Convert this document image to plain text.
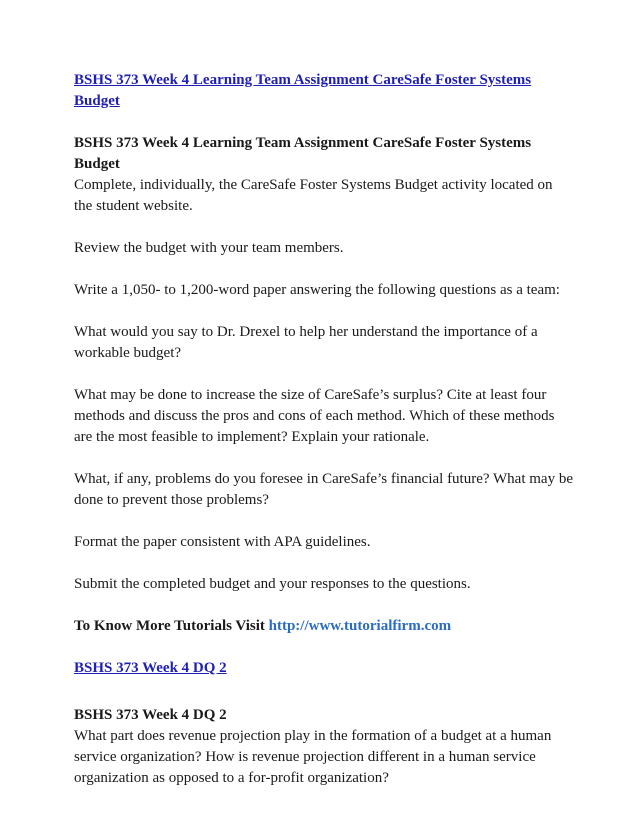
BSHS 373 Week 4 Learning Team Assignment CareSafe Foster Systems Budget

BSHS 373 Week 4 Learning Team Assignment CareSafe Foster Systems Budget

Complete, individually, the CareSafe Foster Systems Budget activity located on the student website.

Review the budget with your team members.

Write a 1,050- to 1,200-word paper answering the following questions as a team:

What would you say to Dr. Drexel to help her understand the importance of a workable budget?

What may be done to increase the size of CareSafe’s surplus? Cite at least four methods and discuss the pros and cons of each method. Which of these methods are the most feasible to implement? Explain your rationale.

What, if any, problems do you foresee in CareSafe’s financial future? What may be done to prevent those problems?

Format the paper consistent with APA guidelines.

Submit the completed budget and your responses to the questions.

To Know More Tutorials Visit http://www.tutorialfirm.com

BSHS 373 Week 4 DQ 2

BSHS 373 Week 4 DQ 2

What part does revenue projection play in the formation of a budget at a human service organization? How is revenue projection different in a human service organization as opposed to a for-profit organization?
